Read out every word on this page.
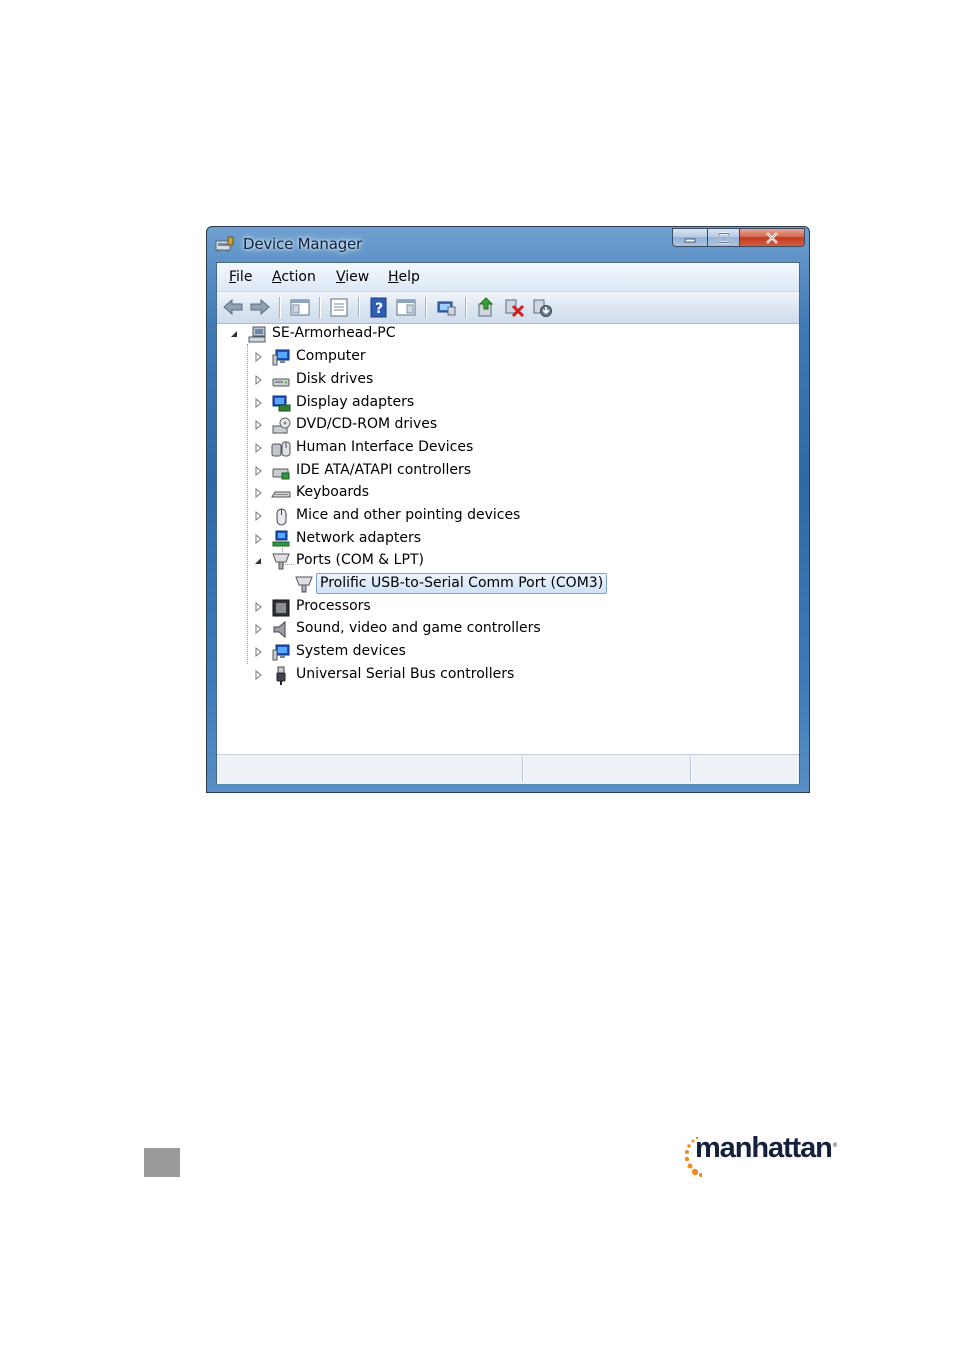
Device Manager
File Action View Help
?
SE-Armorhead-PC
Computer
Disk drives
Display adapters
DVD/CD-ROM drives
Human Interface Devices
IDE ATA/ATAPI controllers
Keyboards
Mice and other pointing devices
Network adapters
Ports (COM & LPT)
Prolific USB-to-Serial Comm Port (COM3)
Processors
Sound, video and game controllers
System devices
Universal Serial Bus controllers
manhattan ®
